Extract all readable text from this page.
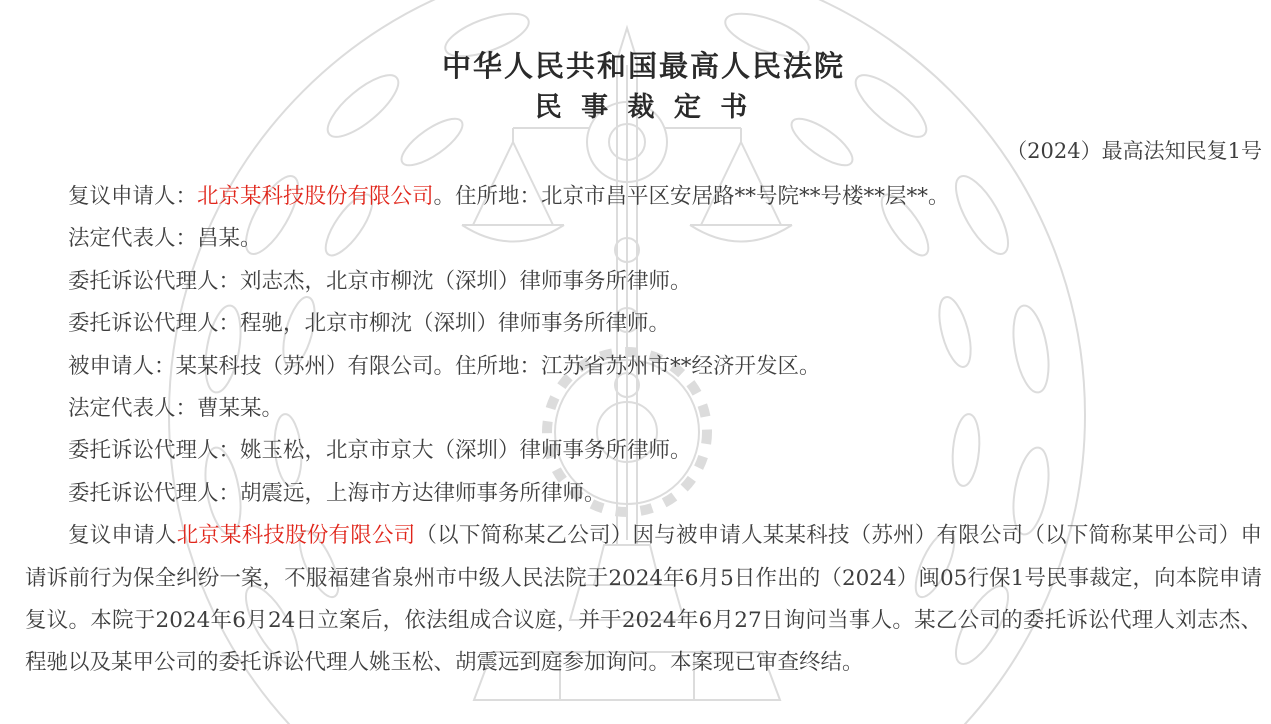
中华人民共和国最高人民法院
民 事 裁 定 书
（2024）最高法知民复1号
复议申请人：北京某科技股份有限公司。住所地：北京市昌平区安居路**号院**号楼**层**。
法定代表人：昌某。
委托诉讼代理人：刘志杰，北京市柳沈（深圳）律师事务所律师。
委托诉讼代理人：程驰，北京市柳沈（深圳）律师事务所律师。
被申请人：某某科技（苏州）有限公司。住所地：江苏省苏州市**经济开发区。
法定代表人：曹某某。
委托诉讼代理人：姚玉松，北京市京大（深圳）律师事务所律师。
委托诉讼代理人：胡震远，上海市方达律师事务所律师。

复议申请人北京某科技股份有限公司（以下简称某乙公司）因与被申请人某某科技（苏州）有限公司（以下简称某甲公司）申请诉前行为保全纠纷一案，不服福建省泉州市中级人民法院于2024年6月5日作出的（2024）闽05行保1号民事裁定，向本院申请复议。本院于2024年6月24日立案后，依法组成合议庭，并于2024年6月27日询问当事人。某乙公司的委托诉讼代理人刘志杰、程驰以及某甲公司的委托诉讼代理人姚玉松、胡震远到庭参加询问。本案现已审查终结。
